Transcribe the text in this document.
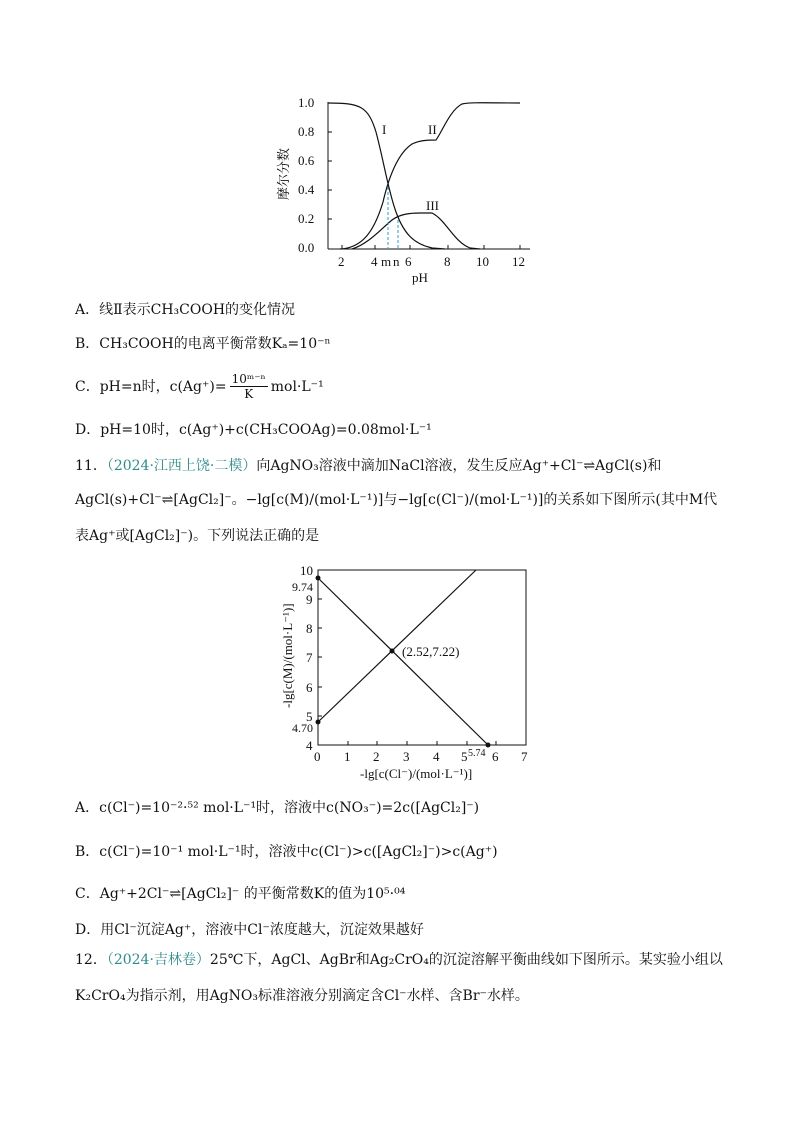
1.0
0.8
0.6
0.4
0.2
0.0
2 4 m n 6	8 10 12
pH
摩尔分数
I	II
III
A．线Ⅱ表示CH₃COOH的变化情况
B．CH₃COOH的电离平衡常数Kₐ=10⁻ⁿ
C．pH=n时，$c(Ag^+)= \frac{\text{10ᵐ⁻ⁿ}}{K} mol\cdot L^{-1}$
D．pH=10时，c(Ag⁺)+c(CH₃COOAg)=0.08mol·L⁻¹
11．（2024·江西上饶·二模）向AgNO₃溶液中滴加NaCl溶液，发生反应Ag⁺+Cl⁻⇌AgCl(s)和
AgCl(s)+Cl⁻⇌[AgCl₂]⁻。−lg[c(M)/(mol·L⁻¹)]与−lg[c(Cl⁻)/(mol·L⁻¹)]的关系如下图所示(其中M代
表Ag⁺或[AgCl₂]⁻)。下列说法正确的是
10
9
8
7
6
5
4
9.74
4.70
0 1 2 3 4 5 5.74 6 7
-lg[c(Cl⁻)/(mol·L⁻¹)]
-lg[c(M)/(mol·L⁻¹)]	(2.52,7.22)
A．c(Cl⁻)=10⁻²·⁵² mol·L⁻¹时，溶液中c(NO₃⁻)=2c([AgCl₂]⁻)
B．c(Cl⁻)=10⁻¹ mol·L⁻¹时，溶液中c(Cl⁻)>c([AgCl₂]⁻)>c(Ag⁺)
C．Ag⁺+2Cl⁻⇌[AgCl₂]⁻ 的平衡常数K的值为10⁵·⁰⁴
D．用Cl⁻沉淀Ag⁺，溶液中Cl⁻浓度越大，沉淀效果越好
12．（2024·吉林卷）25℃下，AgCl、AgBr和Ag₂CrO₄的沉淀溶解平衡曲线如下图所示。某实验小组以
K₂CrO₄为指示剂，用AgNO₃标准溶液分别滴定含Cl⁻水样、含Br⁻水样。
